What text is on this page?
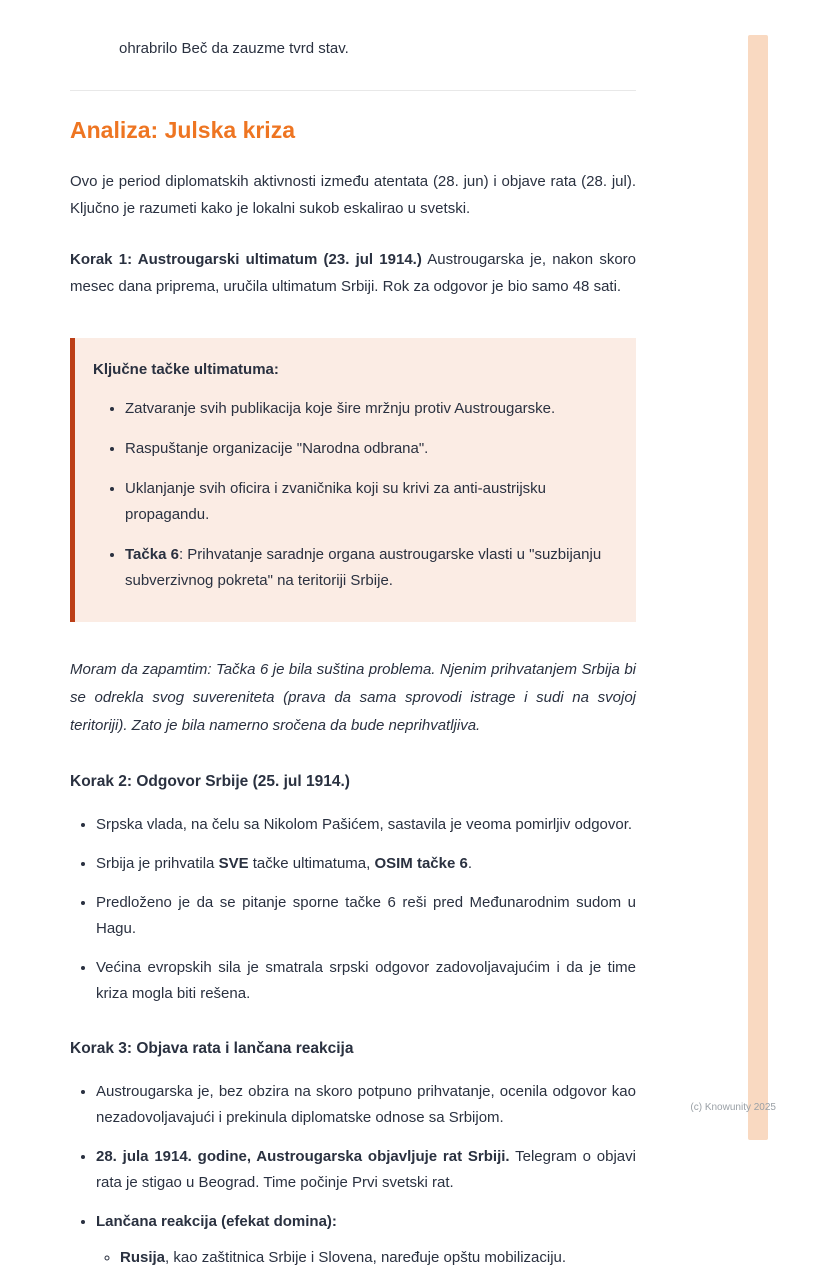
ohrabrilo Beč da zauzme tvrd stav.

Analiza: Julska kriza

Ovo je period diplomatskih aktivnosti između atentata (28. jun) i objave rata (28. jul). Ključno je razumeti kako je lokalni sukob eskalirao u svetski.

Korak 1: Austrougarski ultimatum (23. jul 1914.) Austrougarska je, nakon skoro mesec dana priprema, uručila ultimatum Srbiji. Rok za odgovor je bio samo 48 sati.

Ključne tačke ultimatuma:

• Zatvaranje svih publikacija koje šire mržnju protiv Austrougarske.
• Raspuštanje organizacije "Narodna odbrana".
• Uklanjanje svih oficira i zvaničnika koji su krivi za anti-austrijsku propagandu.
• Tačka 6: Prihvatanje saradnje organa austrougarske vlasti u "suzbijanju subverzivnog pokreta" na teritoriji Srbije.

Moram da zapamtim: Tačka 6 je bila suština problema. Njenim prihvatanjem Srbija bi se odrekla svog suvereniteta (prava da sama sprovodi istrage i sudi na svojoj teritoriji). Zato je bila namerno sročena da bude neprihvatljiva.

Korak 2: Odgovor Srbije (25. jul 1914.)

• Srpska vlada, na čelu sa Nikolom Pašićem, sastavila je veoma pomirljiv odgovor.
• Srbija je prihvatila SVE tačke ultimatuma, OSIM tačke 6.
• Predloženo je da se pitanje sporne tačke 6 reši pred Međunarodnim sudom u Hagu.
• Većina evropskih sila je smatrala srpski odgovor zadovoljavajućim i da je time kriza mogla biti rešena.

Korak 3: Objava rata i lančana reakcija

• Austrougarska je, bez obzira na skoro potpuno prihvatanje, ocenila odgovor kao nezadovoljavajući i prekinula diplomatske odnose sa Srbijom.
• 28. jula 1914. godine, Austrougarska objavljuje rat Srbiji. Telegram o objavi rata je stigao u Beograd. Time počinje Prvi svetski rat.
• Lančana reakcija (efekat domina):
◦ Rusija, kao zaštitnica Srbije i Slovena, naređuje opštu mobilizaciju.
(c) Knowunity 2025
